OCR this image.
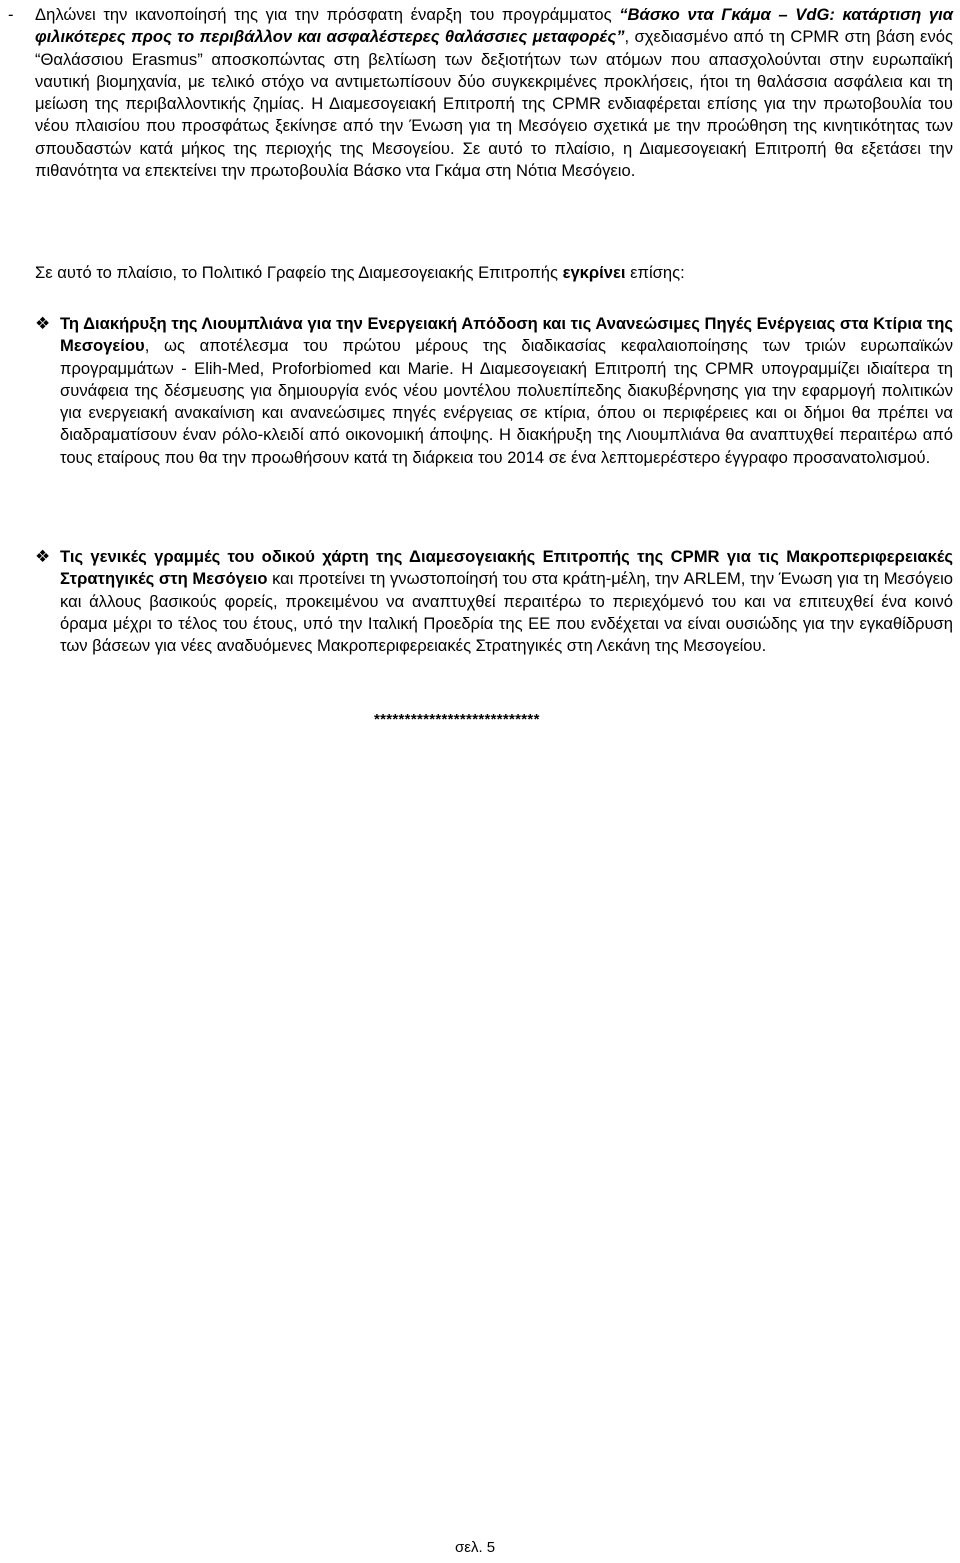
-	Δηλώνει την ικανοποίησή της για την πρόσφατη έναρξη του προγράμματος “Βάσκο ντα Γκάμα – VdG: κατάρτιση για φιλικότερες προς το περιβάλλον και ασφαλέστερες θαλάσσιες μεταφορές”, σχεδιασμένο από τη CPMR στη βάση ενός “Θαλάσσιου Erasmus” αποσκοπώντας στη βελτίωση των δεξιοτήτων των ατόμων που απασχολούνται στην ευρωπαϊκή ναυτική βιομηχανία, με τελικό στόχο να αντιμετωπίσουν δύο συγκεκριμένες προκλήσεις, ήτοι τη θαλάσσια ασφάλεια και τη μείωση της περιβαλλοντικής ζημίας. Η Διαμεσογειακή Επιτροπή της CPMR ενδιαφέρεται επίσης για την πρωτοβουλία του νέου πλαισίου που προσφάτως ξεκίνησε από την Ένωση για τη Μεσόγειο σχετικά με την προώθηση της κινητικότητας των σπουδαστών κατά μήκος της περιοχής της Μεσογείου. Σε αυτό το πλαίσιο, η Διαμεσογειακή Επιτροπή θα εξετάσει την πιθανότητα να επεκτείνει την πρωτοβουλία Βάσκο ντα Γκάμα στη Νότια Μεσόγειο.

Σε αυτό το πλαίσιο, το Πολιτικό Γραφείο της Διαμεσογειακής Επιτροπής εγκρίνει επίσης:

❖ Τη Διακήρυξη της Λιουμπλιάνα για την Ενεργειακή Απόδοση και τις Ανανεώσιμες Πηγές Ενέργειας στα Κτίρια της Μεσογείου, ως αποτέλεσμα του πρώτου μέρους της διαδικασίας κεφαλαιοποίησης των τριών ευρωπαϊκών προγραμμάτων - Elih-Med, Proforbiomed και Marie. Η Διαμεσογειακή Επιτροπή της CPMR υπογραμμίζει ιδιαίτερα τη συνάφεια της δέσμευσης για δημιουργία ενός νέου μοντέλου πολυεπίπεδης διακυβέρνησης για την εφαρμογή πολιτικών για ενεργειακή ανακαίνιση και ανανεώσιμες πηγές ενέργειας σε κτίρια, όπου οι περιφέρειες και οι δήμοι θα πρέπει να διαδραματίσουν έναν ρόλο-κλειδί από οικονομική άποψης. Η διακήρυξη της Λιουμπλιάνα θα αναπτυχθεί περαιτέρω από τους εταίρους που θα την προωθήσουν κατά τη διάρκεια του 2014 σε ένα λεπτομερέστερο έγγραφο προσανατολισμού.

❖ Τις γενικές γραμμές του οδικού χάρτη της Διαμεσογειακής Επιτροπής της CPMR για τις Μακροπεριφερειακές Στρατηγικές στη Μεσόγειο και προτείνει τη γνωστοποίησή του στα κράτη-μέλη, την ARLEM, την Ένωση για τη Μεσόγειο και άλλους βασικούς φορείς, προκειμένου να αναπτυχθεί περαιτέρω το περιεχόμενό του και να επιτευχθεί ένα κοινό όραμα μέχρι το τέλος του έτους, υπό την Ιταλική Προεδρία της ΕΕ που ενδέχεται να είναι ουσιώδης για την εγκαθίδρυση των βάσεων για νέες αναδυόμενες Μακροπεριφερειακές Στρατηγικές στη Λεκάνη της Μεσογείου.

***************************
σελ. 5
